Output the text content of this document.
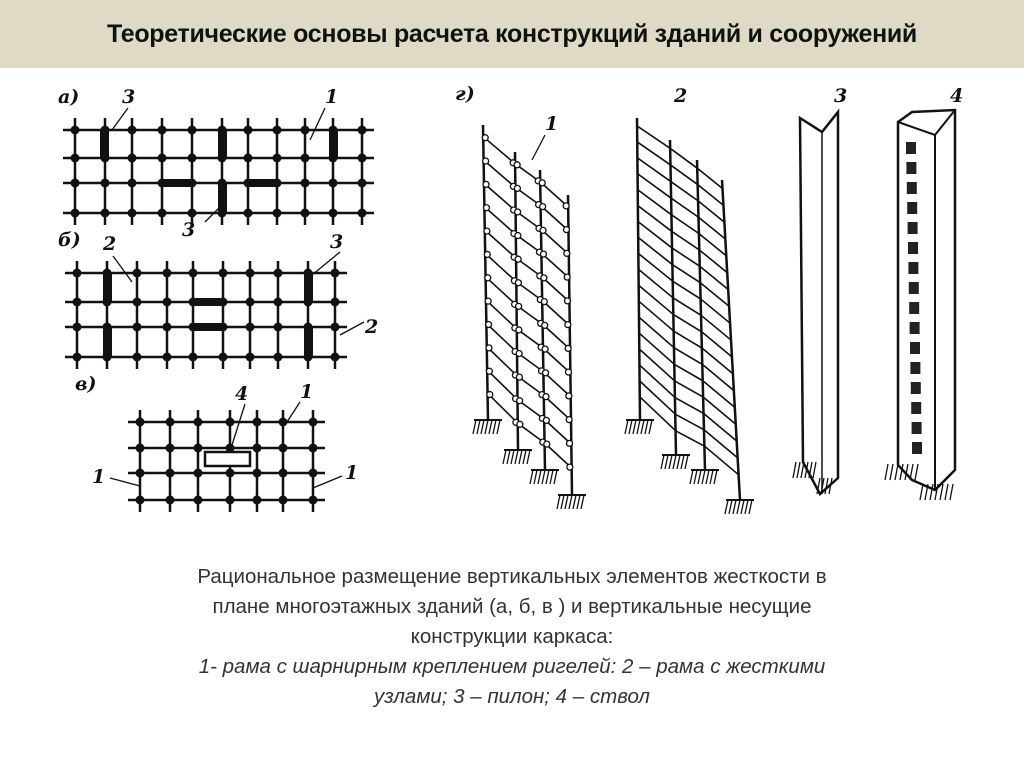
Теоретические основы расчета конструкций зданий и сооружений
а)
б)
в)
г)
3	1
3
2	3
2
4	1
1	1
1
2	3	4
Рациональное размещение вертикальных элементов жесткости в
плане многоэтажных зданий (а, б, в ) и вертикальные несущие
конструкции каркаса:
1- рама с шарнирным креплением ригелей: 2 – рама с жесткими
узлами; 3 – пилон; 4 – ствол
